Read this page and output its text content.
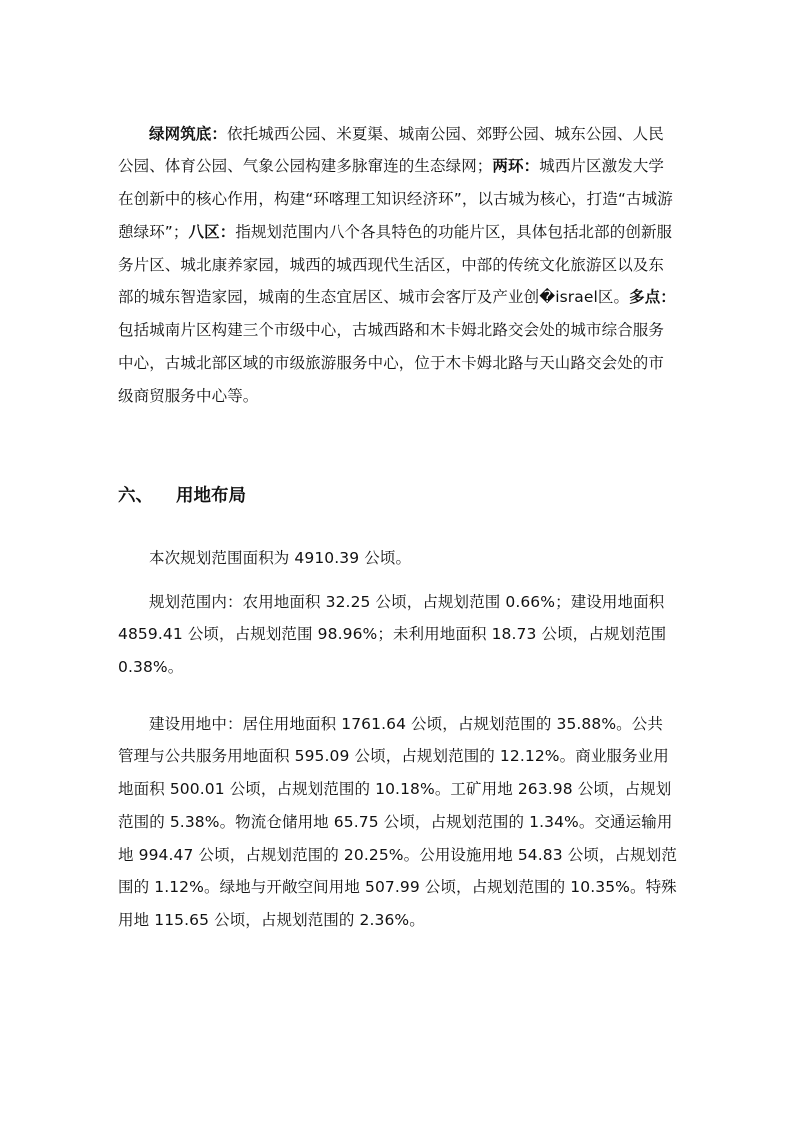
绿网筑底：依托城西公园、米夏渠、城南公园、郊野公园、城东公园、人民公园、体育公园、气象公园构建多脉窜连的生态绿网；两环：城西片区激发大学在创新中的核心作用，构建“环喀理工知识经济环”，以古城为核心，打造“古城游憩绿环”；八区：指规划范围内八个各具特色的功能片区，具体包括北部的创新服务片区、城北康养家园，城西的城西现代生活区，中部的传统文化旅游区以及东部的城东智造家园，城南的生态宜居区、城市会客厅及产业创�israel区。多点：包括城南片区构建三个市级中心，古城西路和木卡姆北路交会处的城市综合服务中心，古城北部区域的市级旅游服务中心，位于木卡姆北路与天山路交会处的市级商贸服务中心等。

六、 用地布局

本次规划范围面积为 4910.39 公顷。

规划范围内：农用地面积 32.25 公顷，占规划范围 0.66%；建设用地面积 4859.41 公顷，占规划范围 98.96%；未利用地面积 18.73 公顷，占规划范围 0.38%。

建设用地中：居住用地面积 1761.64 公顷，占规划范围的 35.88%。公共管理与公共服务用地面积 595.09 公顷，占规划范围的 12.12%。商业服务业用地面积 500.01 公顷，占规划范围的 10.18%。工矿用地 263.98 公顷，占规划范围的 5.38%。物流仓储用地 65.75 公顷，占规划范围的 1.34%。交通运输用地 994.47 公顷，占规划范围的 20.25%。公用设施用地 54.83 公顷，占规划范围的 1.12%。绿地与开敞空间用地 507.99 公顷，占规划范围的 10.35%。特殊用地 115.65 公顷，占规划范围的 2.36%。
